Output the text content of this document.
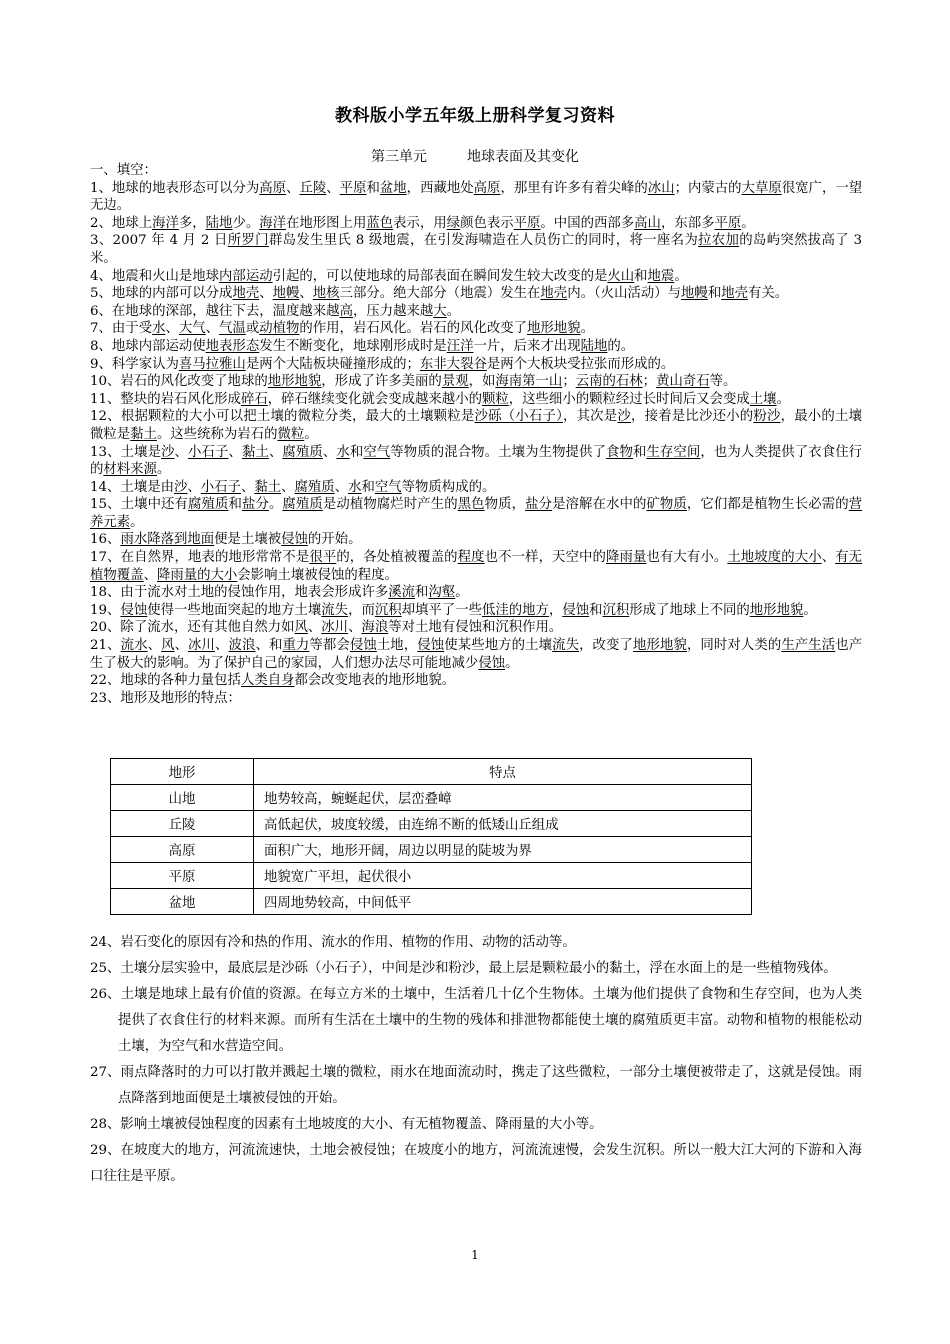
教科版小学五年级上册科学复习资料
第三单元	地球表面及其变化

一、填空：

1、地球的地表形态可以分为高原、丘陵、平原和盆地，西藏地处高原，那里有许多有着尖峰的冰山；内蒙古的大草原很宽广，一望无边。

2、地球上海洋多，陆地少。海洋在地形图上用蓝色表示，用绿颜色表示平原。中国的西部多高山，东部多平原。

3、2007 年 4 月 2 日所罗门群岛发生里氏 8 级地震，在引发海啸造在人员伤亡的同时，将一座名为拉农加的岛屿突然拔高了 3 米。

4、地震和火山是地球内部运动引起的，可以使地球的局部表面在瞬间发生较大改变的是火山和地震。

5、地球的内部可以分成地壳、地幔、地核三部分。绝大部分（地震）发生在地壳内。（火山活动）与地幔和地壳有关。

6、在地球的深部，越往下去，温度越来越高，压力越来越大。

7、由于受水、大气、气温或动植物的作用，岩石风化。岩石的风化改变了地形地貌。

8、地球内部运动使地表形态发生不断变化，地球刚形成时是汪洋一片，后来才出现陆地的。

9、科学家认为喜马拉雅山是两个大陆板块碰撞形成的；东非大裂谷是两个大板块受拉张而形成的。

10、岩石的风化改变了地球的地形地貌，形成了许多美丽的景观，如海南第一山；云南的石林；黄山奇石等。

11、整块的岩石风化形成碎石，碎石继续变化就会变成越来越小的颗粒，这些细小的颗粒经过长时间后又会变成土壤。

12、根据颗粒的大小可以把土壤的微粒分类，最大的土壤颗粒是沙砾（小石子），其次是沙，接着是比沙还小的粉沙，最小的土壤微粒是黏土。这些统称为岩石的微粒。

13、土壤是沙、小石子、黏土、腐殖质、水和空气等物质的混合物。土壤为生物提供了食物和生存空间，也为人类提供了衣食住行的材料来源。

14、土壤是由沙、小石子、黏土、腐殖质、水和空气等物质构成的。

15、土壤中还有腐殖质和盐分。腐殖质是动植物腐烂时产生的黑色物质，盐分是溶解在水中的矿物质，它们都是植物生长必需的营养元素。

16、雨水降落到地面便是土壤被侵蚀的开始。

17、在自然界，地表的地形常常不是很平的，各处植被覆盖的程度也不一样，天空中的降雨量也有大有小。土地坡度的大小、有无植物覆盖、降雨量的大小会影响土壤被侵蚀的程度。

18、由于流水对土地的侵蚀作用，地表会形成许多溪流和沟壑。

19、侵蚀使得一些地面突起的地方土壤流失，而沉积却填平了一些低洼的地方，侵蚀和沉积形成了地球上不同的地形地貌。

20、除了流水，还有其他自然力如风、冰川、海浪等对土地有侵蚀和沉积作用。

21、流水、风、冰川、波浪、和重力等都会侵蚀土地，侵蚀使某些地方的土壤流失，改变了地形地貌，同时对人类的生产生活也产生了极大的影响。为了保护自己的家园，人们想办法尽可能地减少侵蚀。

22、地球的各种力量包括人类自身都会改变地表的地形地貌。

23、地形及地形的特点：

地形	特点
山地	地势较高，蜿蜒起伏，层峦叠嶂
丘陵	高低起伏，坡度较缓，由连绵不断的低矮山丘组成
高原	面积广大，地形开阔，周边以明显的陡坡为界
平原	地貌宽广平坦，起伏很小
盆地	四周地势较高，中间低平

24、岩石变化的原因有冷和热的作用、流水的作用、植物的作用、动物的活动等。

25、土壤分层实验中，最底层是沙砾（小石子），中间是沙和粉沙，最上层是颗粒最小的黏土，浮在水面上的是一些植物残体。

26、土壤是地球上最有价值的资源。在每立方米的土壤中，生活着几十亿个生物体。土壤为他们提供了食物和生存空间，也为人类提供了衣食住行的材料来源。而所有生活在土壤中的生物的残体和排泄物都能使土壤的腐殖质更丰富。动物和植物的根能松动土壤，为空气和水营造空间。

27、雨点降落时的力可以打散并溅起土壤的微粒，雨水在地面流动时，携走了这些微粒，一部分土壤便被带走了，这就是侵蚀。雨点降落到地面便是土壤被侵蚀的开始。

28、影响土壤被侵蚀程度的因素有土地坡度的大小、有无植物覆盖、降雨量的大小等。

29、在坡度大的地方，河流流速快，土地会被侵蚀；在坡度小的地方，河流流速慢，会发生沉积。所以一般大江大河的下游和入海口往往是平原。

1
